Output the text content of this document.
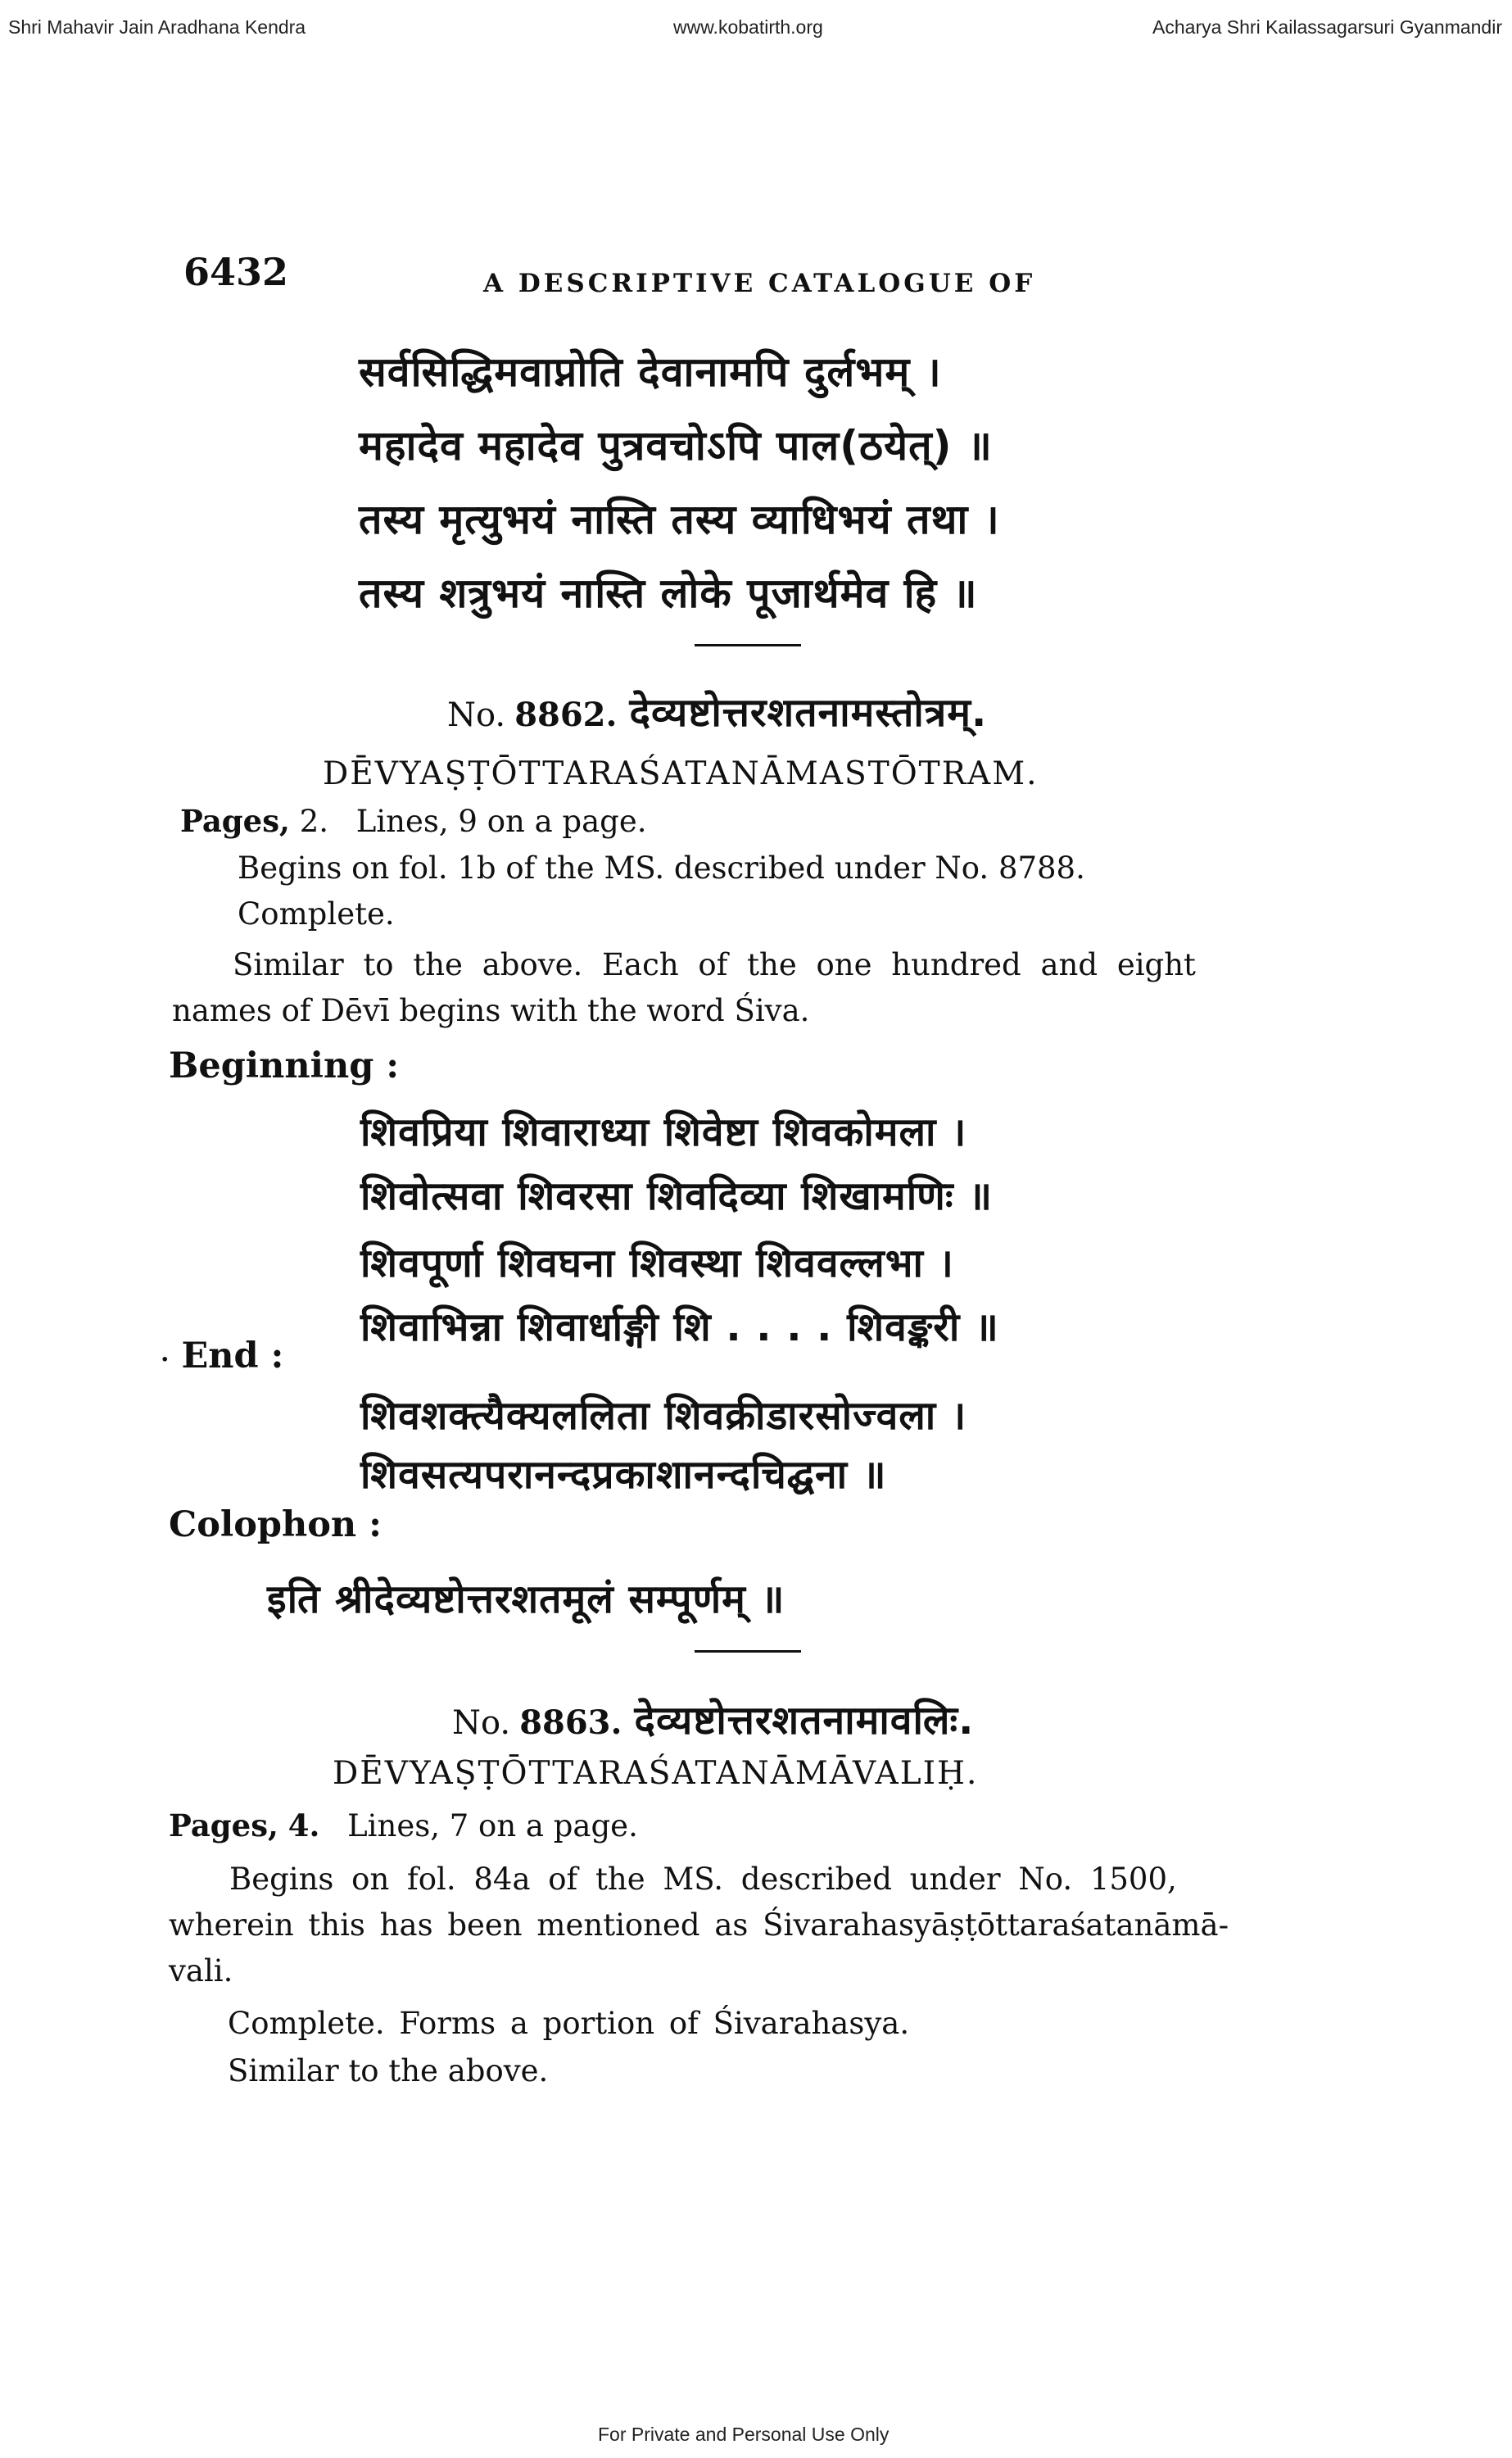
Shri Mahavir Jain Aradhana Kendra	www.kobatirth.org	Acharya Shri Kailassagarsuri Gyanmandir
6432	A DESCRIPTIVE CATALOGUE OF
सर्वसिद्धिमवाप्नोति देवानामपि दुर्लभम् ।
महादेव महादेव पुत्रवचोऽपि पाल(ठयेत्) ॥
तस्य मृत्युभयं नास्ति तस्य व्याधिभयं तथा ।
तस्य शत्रुभयं नास्ति लोके पूजार्थमेव हि ॥
No. 8862. देव्यष्टोत्तरशतनामस्तोत्रम्.
DĒVYAṢṬŌTTARAŚATANĀMASTŌTRAM.
Pages, 2. Lines, 9 on a page.
Begins on fol. 1b of the MS. described under No. 8788.
Complete.
Similar to the above. Each of the one hundred and eight
names of Dēvī begins with the word Śiva.
Beginning :
शिवप्रिया शिवाराध्या शिवेष्टा शिवकोमला ।
शिवोत्सवा शिवरसा शिवदिव्या शिखामणिः ॥
शिवपूर्णा शिवघना शिवस्था शिववल्लभा ।
शिवाभिन्ना शिवार्धाङ्गी शि . . . . शिवङ्करी ॥
· End :
शिवशक्त्यैक्यललिता शिवक्रीडारसोज्वला ।
शिवसत्यपरानन्दप्रकाशानन्दचिद्घना ॥
Colophon :
इति श्रीदेव्यष्टोत्तरशतमूलं सम्पूर्णम् ॥
No. 8863. देव्यष्टोत्तरशतनामावलिः.
DĒVYAṢṬŌTTARAŚATANĀMĀVALIḤ.
Pages, 4. Lines, 7 on a page.
Begins on fol. 84a of the MS. described under No. 1500,
wherein this has been mentioned as Śivarahasyāṣṭōttaraśatanāmā-
vali.
Complete. Forms a portion of Śivarahasya.
Similar to the above.
For Private and Personal Use Only
